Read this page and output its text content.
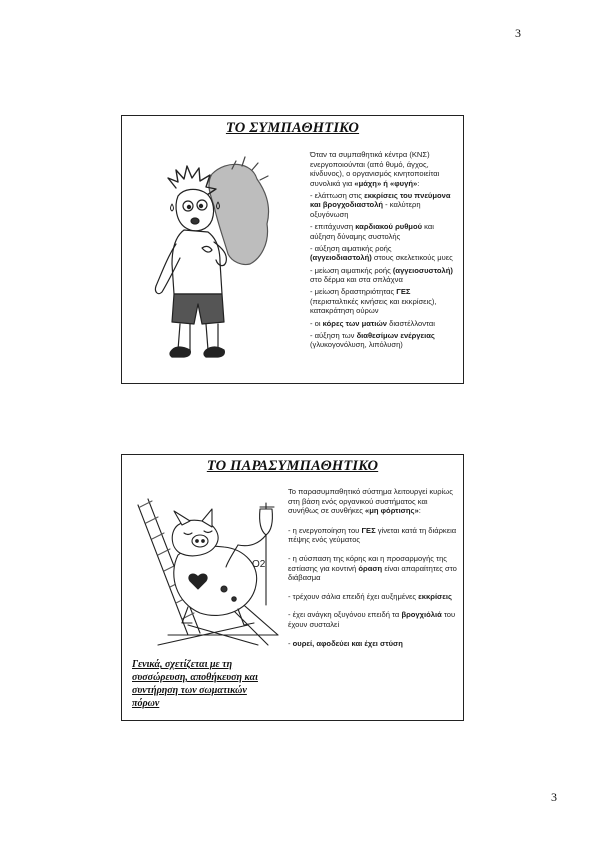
3
ΤΟ ΣΥΜΠΑΘΗΤΙΚΟ

Όταν τα συμπαθητικά κέντρα (ΚΝΣ) ενεργοποιούνται (από θυμό, άγχος, κίνδυνος), ο οργανισμός κινητοποιείται συνολικά για «μάχη» ή «φυγή»:

- ελάττωση στις εκκρίσεις του πνεύμονα και βρογχοδιαστολή - καλύτερη οξυγόνωση

- επιτάχυνση καρδιακού ρυθμού και αύξηση δύναμης συστολής

- αύξηση αιματικής ροής (αγγειοδιαστολή) στους σκελετικούς μυες

- μείωση αιματικής ροής (αγγειοσυστολή) στο δέρμα και στα σπλάχνα

- μείωση δραστηριότητας ΓΕΣ (περισταλτικές κινήσεις και εκκρίσεις), κατακράτηση ούρων

- οι κόρες των ματιών διαστέλλονται

- αύξηση των διαθεσίμων ενέργειας (γλυκογονόλυση, λιπόλυση)

ΤΟ ΠΑΡΑΣΥΜΠΑΘΗΤΙΚΟ
O2
Γενικά, σχετίζεται με τη συσσώρευση, αποθήκευση και συντήρηση των σωματικών πόρων

Το παρασυμπαθητικό σύστημα λειτουργεί κυρίως στη βάση ενός οργανικού συστήματος και συνήθως σε συνθήκες «μη φόρτισης»:

- η ενεργοποίηση του ΓΕΣ γίνεται κατά τη διάρκεια πέψης ενός γεύματος

- η σύσπαση της κόρης και η προσαρμογής της εστίασης για κοντινή όραση είναι απαραίτητες στο διάβασμα

- τρέχουν σάλια επειδή έχει αυξημένες εκκρίσεις

- έχει ανάγκη οξυγόνου επειδή τα βρογχιόλιά του έχουν συσταλεί

- ουρεί, αφοδεύει και έχει στύση

3
